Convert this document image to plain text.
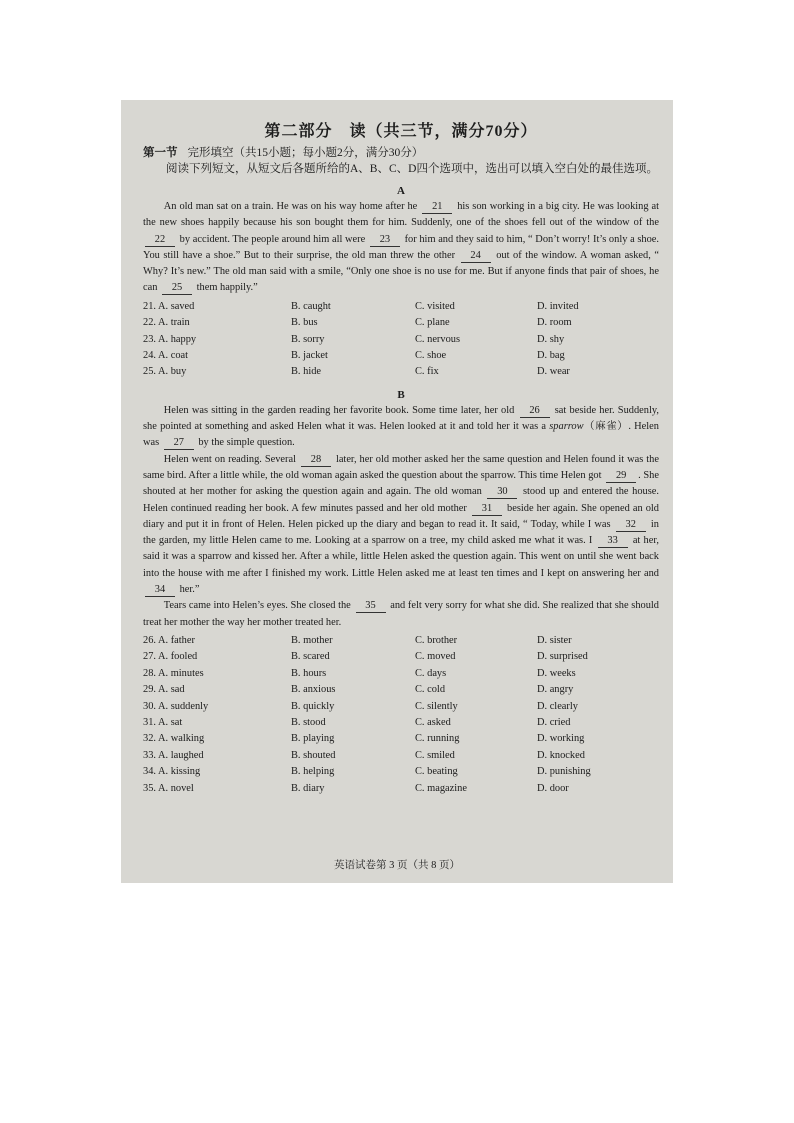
第二部分　读（共三节，满分70分）

第一节 完形填空（共15小题；每小题2分，满分30分）

阅读下列短文，从短文后各题所给的A、B、C、D四个选项中，选出可以填入空白处的最佳选项。

A

An old man sat on a train. He was on his way home after he 21 his son working in a big city. He was looking at the new shoes happily because his son bought them for him. Suddenly, one of the shoes fell out of the window of the 22 by accident. The people around him all were 23 for him and they said to him, “ Don’t worry! It’s only a shoe. You still have a shoe.” But to their surprise, the old man threw the other 24 out of the window. A woman asked, “ Why? It’s new.” The old man said with a smile, “Only one shoe is no use for me. But if anyone finds that pair of shoes, he can 25 them happily.”

21. A. saved	B. caught	C. visited	D. invited
22. A. train	B. bus	C. plane	D. room
23. A. happy	B. sorry	C. nervous	D. shy
24. A. coat	B. jacket	C. shoe	D. bag
25. A. buy	B. hide	C. fix	D. wear
B

Helen was sitting in the garden reading her favorite book. Some time later, her old 26 sat beside her. Suddenly, she pointed at something and asked Helen what it was. Helen looked at it and told her it was a sparrow（麻雀）. Helen was 27 by the simple question.

Helen went on reading. Several 28 later, her old mother asked her the same question and Helen found it was the same bird. After a little while, the old woman again asked the question about the sparrow. This time Helen got 29 . She shouted at her mother for asking the question again and again. The old woman 30 stood up and entered the house. Helen continued reading her book. A few minutes passed and her old mother 31 beside her again. She opened an old diary and put it in front of Helen. Helen picked up the diary and began to read it. It said, “ Today, while I was 32 in the garden, my little Helen came to me. Looking at a sparrow on a tree, my child asked me what it was. I 33 at her, said it was a sparrow and kissed her. After a while, little Helen asked the question again. This went on until she went back into the house with me after I finished my work. Little Helen asked me at least ten times and I kept on answering her and 34 her.”

Tears came into Helen’s eyes. She closed the 35 and felt very sorry for what she did. She realized that she should treat her mother the way her mother treated her.

26. A. father	B. mother	C. brother	D. sister
27. A. fooled	B. scared	C. moved	D. surprised
28. A. minutes	B. hours	C. days	D. weeks
29. A. sad	B. anxious	C. cold	D. angry
30. A. suddenly	B. quickly	C. silently	D. clearly
31. A. sat	B. stood	C. asked	D. cried
32. A. walking	B. playing	C. running	D. working
33. A. laughed	B. shouted	C. smiled	D. knocked
34. A. kissing	B. helping	C. beating	D. punishing
35. A. novel	B. diary	C. magazine	D. door
英语试卷第 3 页（共 8 页）
